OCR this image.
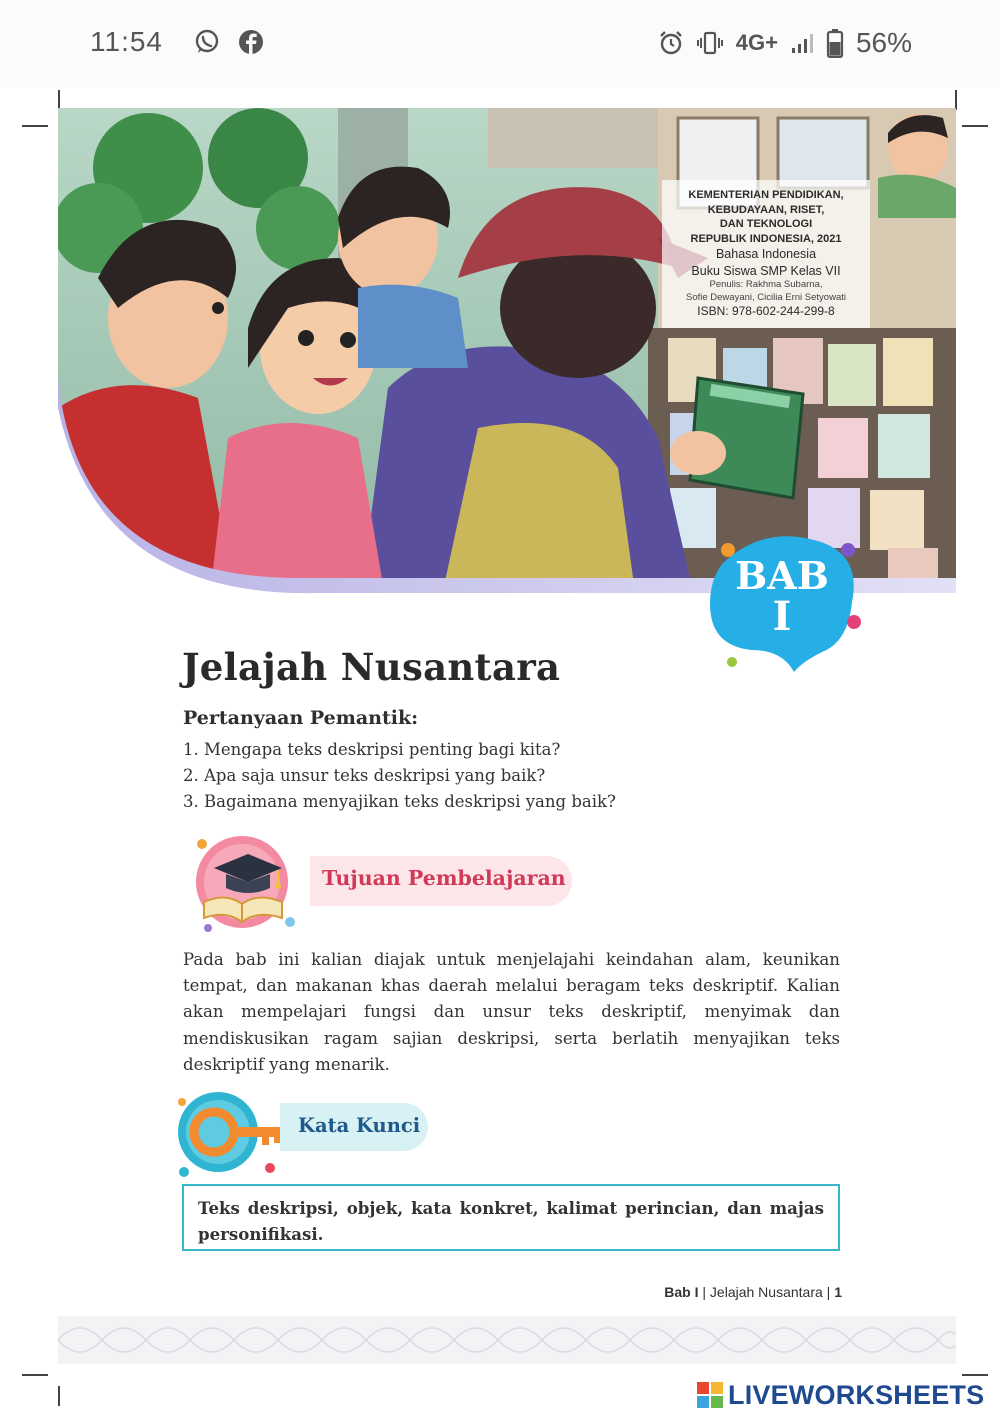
11:54	4G+	56%
KEMENTERIAN PENDIDIKAN,
KEBUDAYAAN, RISET,
DAN TEKNOLOGI
REPUBLIK INDONESIA, 2021
Bahasa Indonesia
Buku Siswa SMP Kelas VII
Penulis: Rakhma Subarna,
Sofie Dewayani, Cicilia Erni Setyowati
ISBN: 978-602-244-299-8
BAB
I
Jelajah Nusantara
Pertanyaan Pemantik:
1. Mengapa teks deskripsi penting bagi kita?
2. Apa saja unsur teks deskripsi yang baik?
3. Bagaimana menyajikan teks deskripsi yang baik?
Tujuan Pembelajaran

Pada bab ini kalian diajak untuk menjelajahi keindahan alam, keunikan tempat, dan makanan khas daerah melalui beragam teks deskriptif. Kalian akan mempelajari fungsi dan unsur teks deskriptif, menyimak dan mendiskusikan ragam sajian deskripsi, serta berlatih menyajikan teks deskriptif yang menarik.

Kata Kunci
Teks deskripsi, objek, kata konkret, kalimat perincian, dan majas personifikasi.
Bab I | Jelajah Nusantara | 1
LIVEWORKSHEETS
